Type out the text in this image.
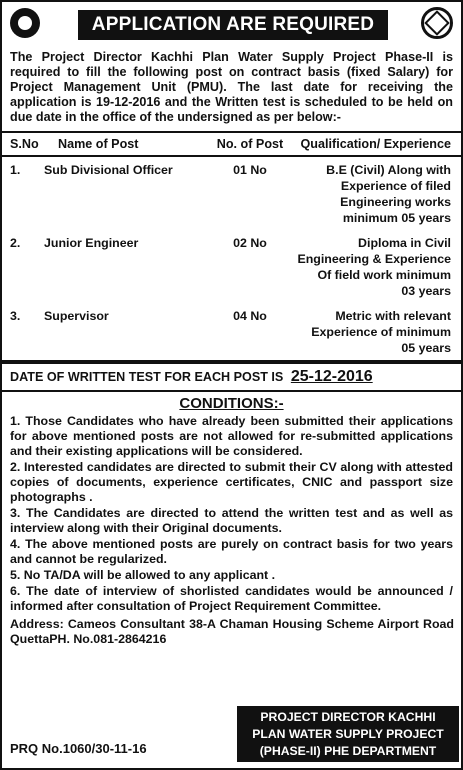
APPLICATION ARE REQUIRED
The Project Director Kachhi Plan Water Supply Project Phase-II is required to fill the following post on contract basis (fixed Salary) for Project Management Unit (PMU). The last date for receiving the application is 19-12-2016 and the Written test is scheduled to be held on due date in the office of the undersigned as per below:-
S.No	Name of Post	No. of Post	Qualification/ Experience
1.	Sub Divisional Officer	01 No	B.E (Civil) Along with
Experience of filed
Engineering works
minimum 05 years
2.	Junior Engineer	02 No	Diploma in Civil
Engineering & Experience
Of field work minimum
03 years
3.	Supervisor	04 No	Metric with relevant
Experience of minimum
05 years
DATE OF WRITTEN TEST FOR EACH POST IS 25-12-2016
CONDITIONS:-

1. Those Candidates who have already been submitted their applications for above mentioned posts are not allowed for re-submitted applications and their existing applications will be considered.

2. Interested candidates are directed to submit their CV along with attested copies of documents, experience certificates, CNIC and passport size photographs .

3. The Candidates are directed to attend the written test and as well as interview along with their Original documents.

4. The above mentioned posts are purely on contract basis for two years and cannot be regularized.

5. No TA/DA will be allowed to any applicant .

6. The date of interview of shorlisted candidates would be announced / informed after consultation of Project Requirement Committee.

Address: Cameos Consultant 38-A Chaman Housing Scheme Airport Road QuettaPH. No.081-2864216
PRQ No.1060/30-11-16
PROJECT DIRECTOR KACHHI
PLAN WATER SUPPLY PROJECT
(PHASE-II) PHE DEPARTMENT
